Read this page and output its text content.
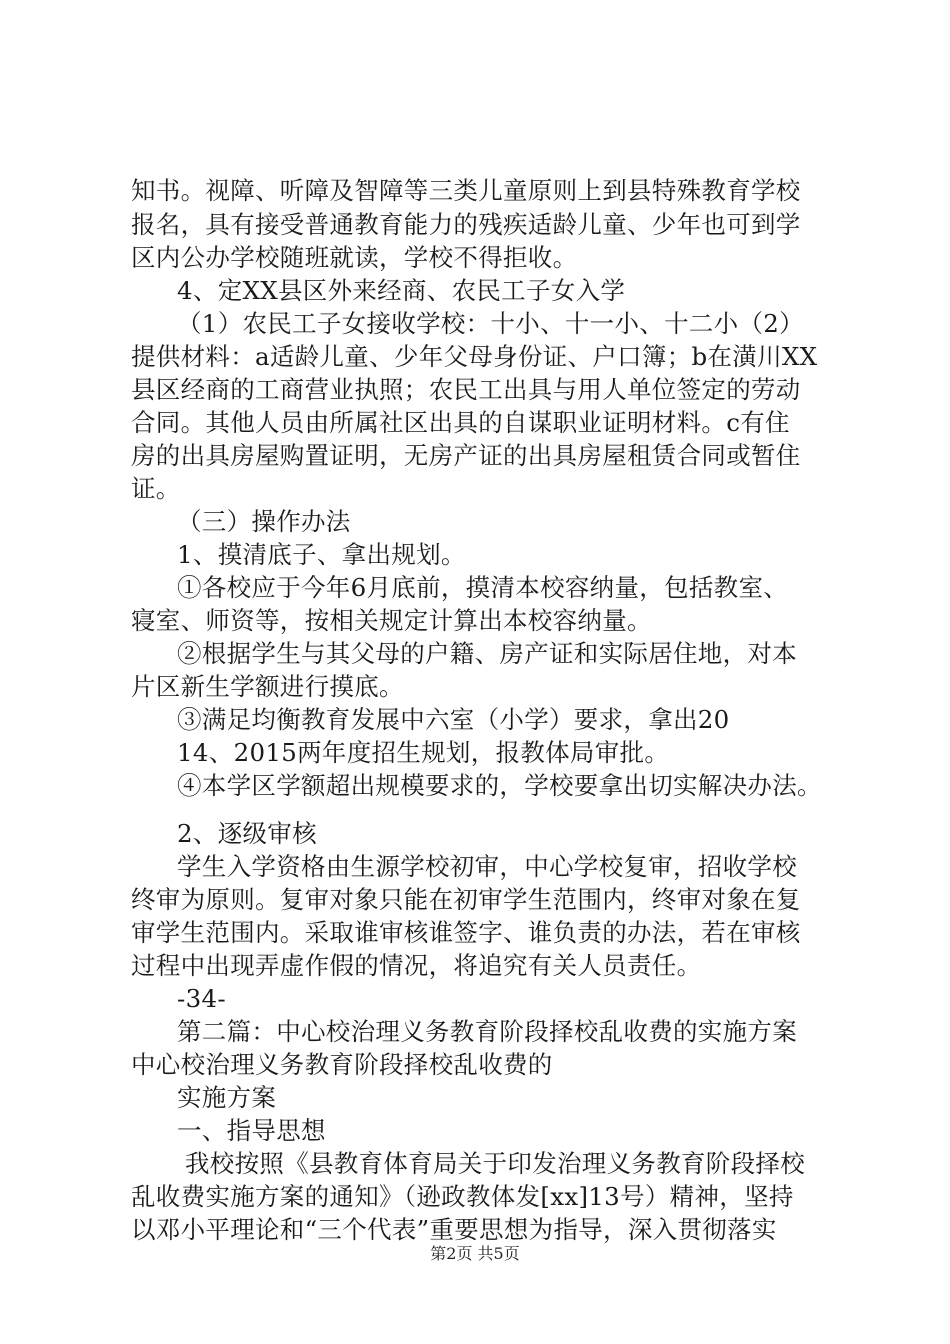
知书。视障、听障及智障等三类儿童原则上到县特殊教育学校
报名，具有接受普通教育能力的残疾适龄儿童、少年也可到学
区内公办学校随班就读，学校不得拒收。
4、定XX县区外来经商、农民工子女入学
（1）农民工子女接收学校：十小、十一小、十二小（2）
提供材料：a适龄儿童、少年父母身份证、户口簿；b在潢川XX
县区经商的工商营业执照；农民工出具与用人单位签定的劳动
合同。其他人员由所属社区出具的自谋职业证明材料。c有住
房的出具房屋购置证明，无房产证的出具房屋租赁合同或暂住
证。
（三）操作办法
1、摸清底子、拿出规划。
①各校应于今年6月底前，摸清本校容纳量，包括教室、
寝室、师资等，按相关规定计算出本校容纳量。
②根据学生与其父母的户籍、房产证和实际居住地，对本
片区新生学额进行摸底。
③满足均衡教育发展中六室（小学）要求，拿出20
14、2015两年度招生规划，报教体局审批。
④本学区学额超出规模要求的，学校要拿出切实解决办法。
2、逐级审核
学生入学资格由生源学校初审，中心学校复审，招收学校
终审为原则。复审对象只能在初审学生范围内，终审对象在复
审学生范围内。采取谁审核谁签字、谁负责的办法，若在审核
过程中出现弄虚作假的情况，将追究有关人员责任。
-34-
第二篇：中心校治理义务教育阶段择校乱收费的实施方案
中心校治理义务教育阶段择校乱收费的
实施方案
一、指导思想
我校按照《县教育体育局关于印发治理义务教育阶段择校
乱收费实施方案的通知》（逊政教体发[xx]13号）精神，坚持
以邓小平理论和“三个代表”重要思想为指导，深入贯彻落实
第2页 共5页
